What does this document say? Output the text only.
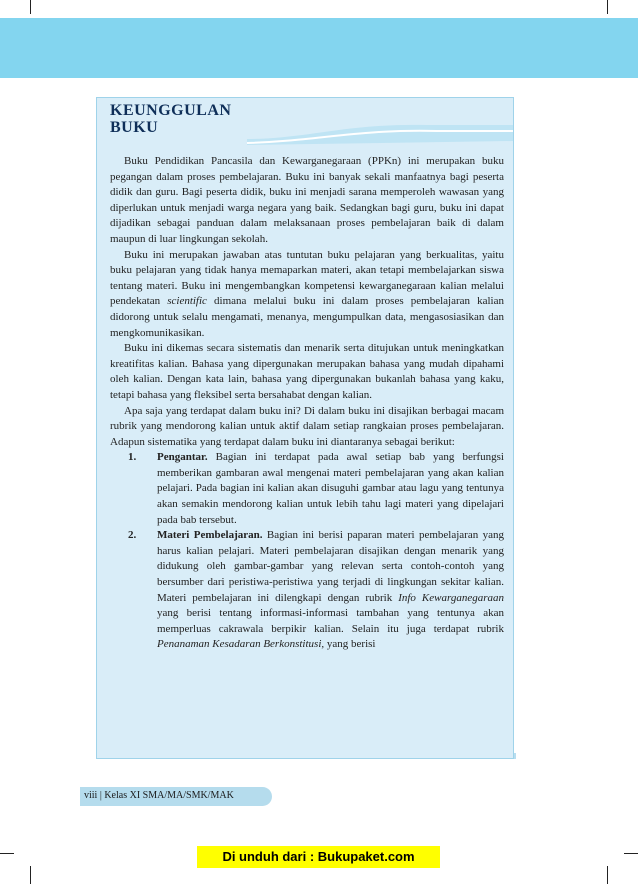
KEUNGGULAN BUKU

Buku Pendidikan Pancasila dan Kewarganegaraan (PPKn) ini merupakan buku pegangan dalam proses pembelajaran. Buku ini banyak sekali manfaatnya bagi peserta didik dan guru. Bagi peserta didik, buku ini menjadi sarana memperoleh wawasan yang diperlukan untuk menjadi warga negara yang baik. Sedangkan bagi guru, buku ini dapat dijadikan sebagai panduan dalam melaksanaan proses pembelajaran baik di dalam maupun di luar lingkungan sekolah.

Buku ini merupakan jawaban atas tuntutan buku pelajaran yang berkualitas, yaitu buku pelajaran yang tidak hanya memaparkan materi, akan tetapi membelajarkan siswa tentang materi. Buku ini mengembangkan kompetensi kewarganegaraan kalian melalui pendekatan scientific dimana melalui buku ini dalam proses pembelajaran kalian didorong untuk selalu mengamati, menanya, mengumpulkan data, mengasosiasikan dan mengkomunikasikan.

Buku ini dikemas secara sistematis dan menarik serta ditujukan untuk meningkatkan kreatifitas kalian. Bahasa yang dipergunakan merupakan bahasa yang mudah dipahami oleh kalian. Dengan kata lain, bahasa yang dipergunakan bukanlah bahasa yang kaku, tetapi bahasa yang fleksibel serta bersahabat dengan kalian.

Apa saja yang terdapat dalam buku ini? Di dalam buku ini disajikan berbagai macam rubrik yang mendorong kalian untuk aktif dalam setiap rangkaian proses pembelajaran. Adapun sistematika yang terdapat dalam buku ini diantaranya sebagai berikut:

1. Pengantar. Bagian ini terdapat pada awal setiap bab yang berfungsi memberikan gambaran awal mengenai materi pembelajaran yang akan kalian pelajari. Pada bagian ini kalian akan disuguhi gambar atau lagu yang tentunya akan semakin mendorong kalian untuk lebih tahu lagi materi yang dipelajari pada bab tersebut.
2. Materi Pembelajaran. Bagian ini berisi paparan materi pembelajaran yang harus kalian pelajari. Materi pembelajaran disajikan dengan menarik yang didukung oleh gambar-gambar yang relevan serta contoh-contoh yang bersumber dari peristiwa-peristiwa yang terjadi di lingkungan sekitar kalian. Materi pembelajaran ini dilengkapi dengan rubrik Info Kewarganegaraan yang berisi tentang informasi-informasi tambahan yang tentunya akan memperluas cakrawala berpikir kalian. Selain itu juga terdapat rubrik Penanaman Kesadaran Berkonstitusi, yang berisi
viii | Kelas XI SMA/MA/SMK/MAK
Di unduh dari : Bukupaket.com
